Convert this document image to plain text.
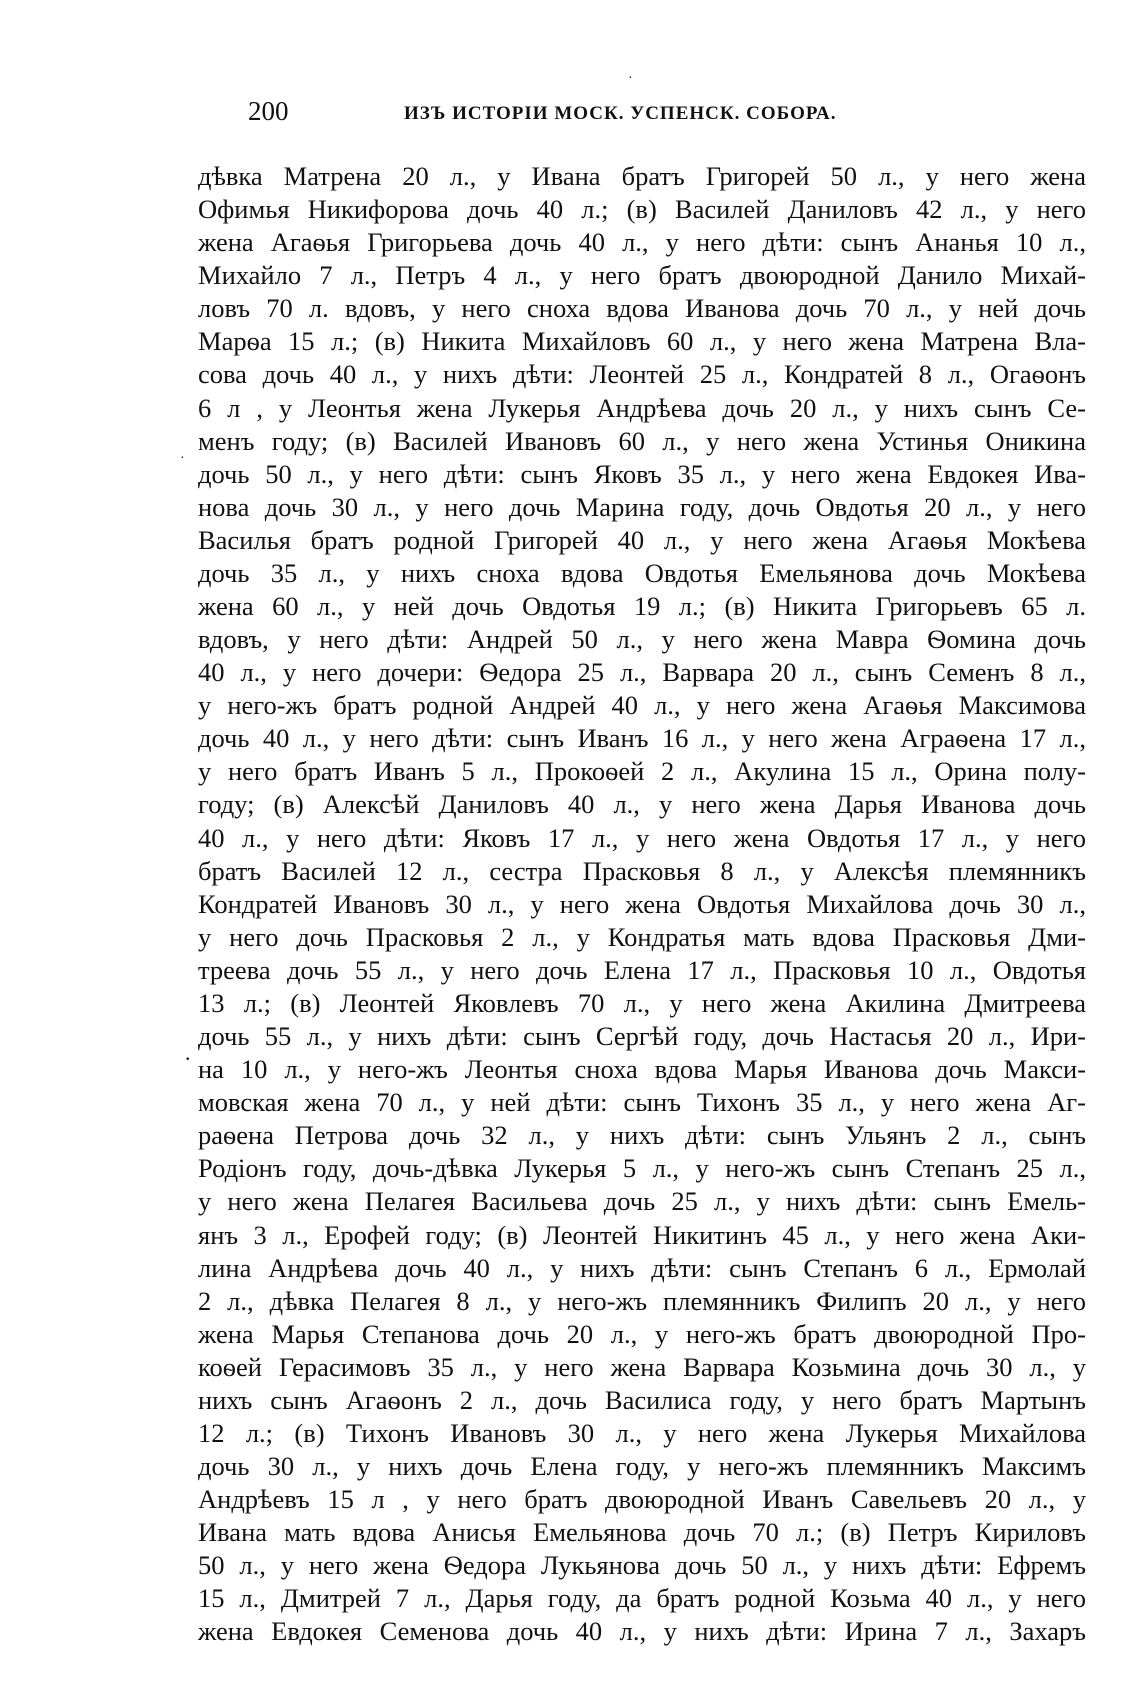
·
·
·
200	ИЗЪ ИСТОРІИ МОСК. УСПЕНСК. СОБОРА.
дѣвка Матрена 20 л., у Ивана братъ Григорей 50 л., у него жена
Офимья Никифорова дочь 40 л.; (в) Василей Даниловъ 42 л., у него
жена Агаѳья Григорьева дочь 40 л., у него дѣти: сынъ Ананья 10 л.,
Михайло 7 л., Петръ 4 л., у него братъ двоюродной Данило Михай-
ловъ 70 л. вдовъ, у него сноха вдова Иванова дочь 70 л., у ней дочь
Марѳа 15 л.; (в) Никита Михайловъ 60 л., у него жена Матрена Вла-
сова дочь 40 л., у нихъ дѣти: Леонтей 25 л., Кондратей 8 л., Огаѳонъ
6 л , у Леонтья жена Лукерья Андрѣева дочь 20 л., у нихъ сынъ Се-
менъ году; (в) Василей Ивановъ 60 л., у него жена Устинья Оникина
дочь 50 л., у него дѣти: сынъ Яковъ 35 л., у него жена Евдокея Ива-
нова дочь 30 л., у него дочь Марина году, дочь Овдотья 20 л., у него
Василья братъ родной Григорей 40 л., у него жена Агаѳья Мокѣева
дочь 35 л., у нихъ сноха вдова Овдотья Емельянова дочь Мокѣева
жена 60 л., у ней дочь Овдотья 19 л.; (в) Никита Григорьевъ 65 л.
вдовъ, у него дѣти: Андрей 50 л., у него жена Мавра Ѳомина дочь
40 л., у него дочери: Ѳедора 25 л., Варвара 20 л., сынъ Семенъ 8 л.,
у него-жъ братъ родной Андрей 40 л., у него жена Агаѳья Максимова
дочь 40 л., у него дѣти: сынъ Иванъ 16 л., у него жена Аграѳена 17 л.,
у него братъ Иванъ 5 л., Прокоѳей 2 л., Акулина 15 л., Орина полу-
году; (в) Алексѣй Даниловъ 40 л., у него жена Дарья Иванова дочь
40 л., у него дѣти: Яковъ 17 л., у него жена Овдотья 17 л., у него
братъ Василей 12 л., сестра Прасковья 8 л., у Алексѣя племянникъ
Кондратей Ивановъ 30 л., у него жена Овдотья Михайлова дочь 30 л.,
у него дочь Прасковья 2 л., у Кондратья мать вдова Прасковья Дми-
треева дочь 55 л., у него дочь Елена 17 л., Прасковья 10 л., Овдотья
13 л.; (в) Леонтей Яковлевъ 70 л., у него жена Акилина Дмитреева
дочь 55 л., у нихъ дѣти: сынъ Сергѣй году, дочь Настасья 20 л., Ири-
на 10 л., у него-жъ Леонтья сноха вдова Марья Иванова дочь Макси-
мовская жена 70 л., у ней дѣти: сынъ Тихонъ 35 л., у него жена Аг-
раѳена Петрова дочь 32 л., у нихъ дѣти: сынъ Ульянъ 2 л., сынъ
Родіонъ году, дочь-дѣвка Лукерья 5 л., у него-жъ сынъ Степанъ 25 л.,
у него жена Пелагея Васильева дочь 25 л., у нихъ дѣти: сынъ Емель-
янъ 3 л., Ерофей году; (в) Леонтей Никитинъ 45 л., у него жена Аки-
лина Андрѣева дочь 40 л., у нихъ дѣти: сынъ Степанъ 6 л., Ермолай
2 л., дѣвка Пелагея 8 л., у него-жъ племянникъ Филипъ 20 л., у него
жена Марья Степанова дочь 20 л., у него-жъ братъ двоюродной Про-
коѳей Герасимовъ 35 л., у него жена Варвара Козьмина дочь 30 л., у
нихъ сынъ Агаѳонъ 2 л., дочь Василиса году, у него братъ Мартынъ
12 л.; (в) Тихонъ Ивановъ 30 л., у него жена Лукерья Михайлова
дочь 30 л., у нихъ дочь Елена году, у него-жъ племянникъ Максимъ
Андрѣевъ 15 л , у него братъ двоюродной Иванъ Савельевъ 20 л., у
Ивана мать вдова Анисья Емельянова дочь 70 л.; (в) Петръ Кириловъ
50 л., у него жена Ѳедора Лукьянова дочь 50 л., у нихъ дѣти: Ефремъ
15 л., Дмитрей 7 л., Дарья году, да братъ родной Козьма 40 л., у него
жена Евдокея Семенова дочь 40 л., у нихъ дѣти: Ирина 7 л., Захаръ
